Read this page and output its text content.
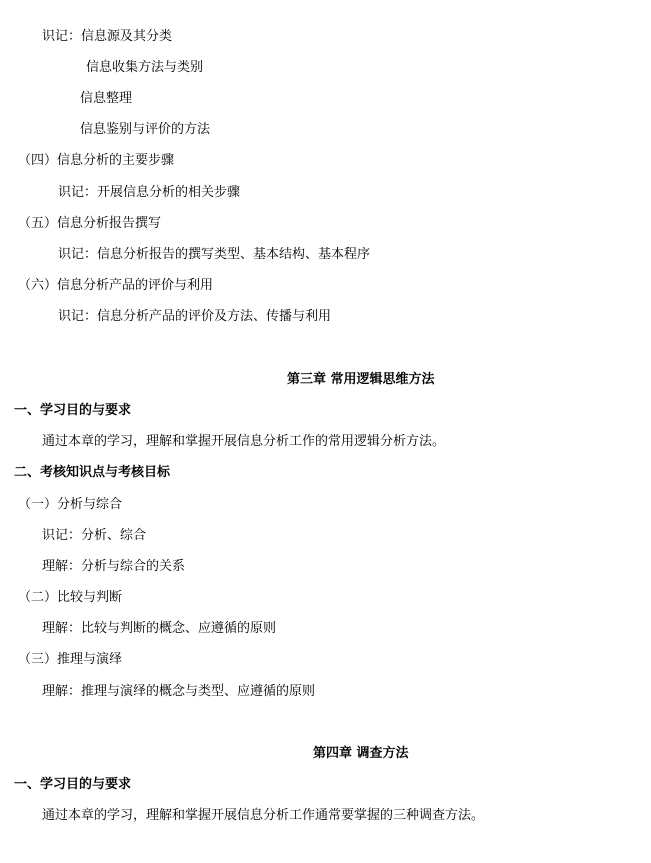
识记：信息源及其分类
信息收集方法与类别
信息整理
信息鉴别与评价的方法
（四）信息分析的主要步骤
识记：开展信息分析的相关步骤
（五）信息分析报告撰写
识记：信息分析报告的撰写类型、基本结构、基本程序
（六）信息分析产品的评价与利用
识记：信息分析产品的评价及方法、传播与利用
第三章 常用逻辑思维方法
一、学习目的与要求
通过本章的学习，理解和掌握开展信息分析工作的常用逻辑分析方法。
二、考核知识点与考核目标
（一）分析与综合
识记：分析、综合
理解：分析与综合的关系
（二）比较与判断
理解：比较与判断的概念、应遵循的原则
（三）推理与演绎
理解：推理与演绎的概念与类型、应遵循的原则
第四章 调查方法
一、学习目的与要求
通过本章的学习，理解和掌握开展信息分析工作通常要掌握的三种调查方法。
